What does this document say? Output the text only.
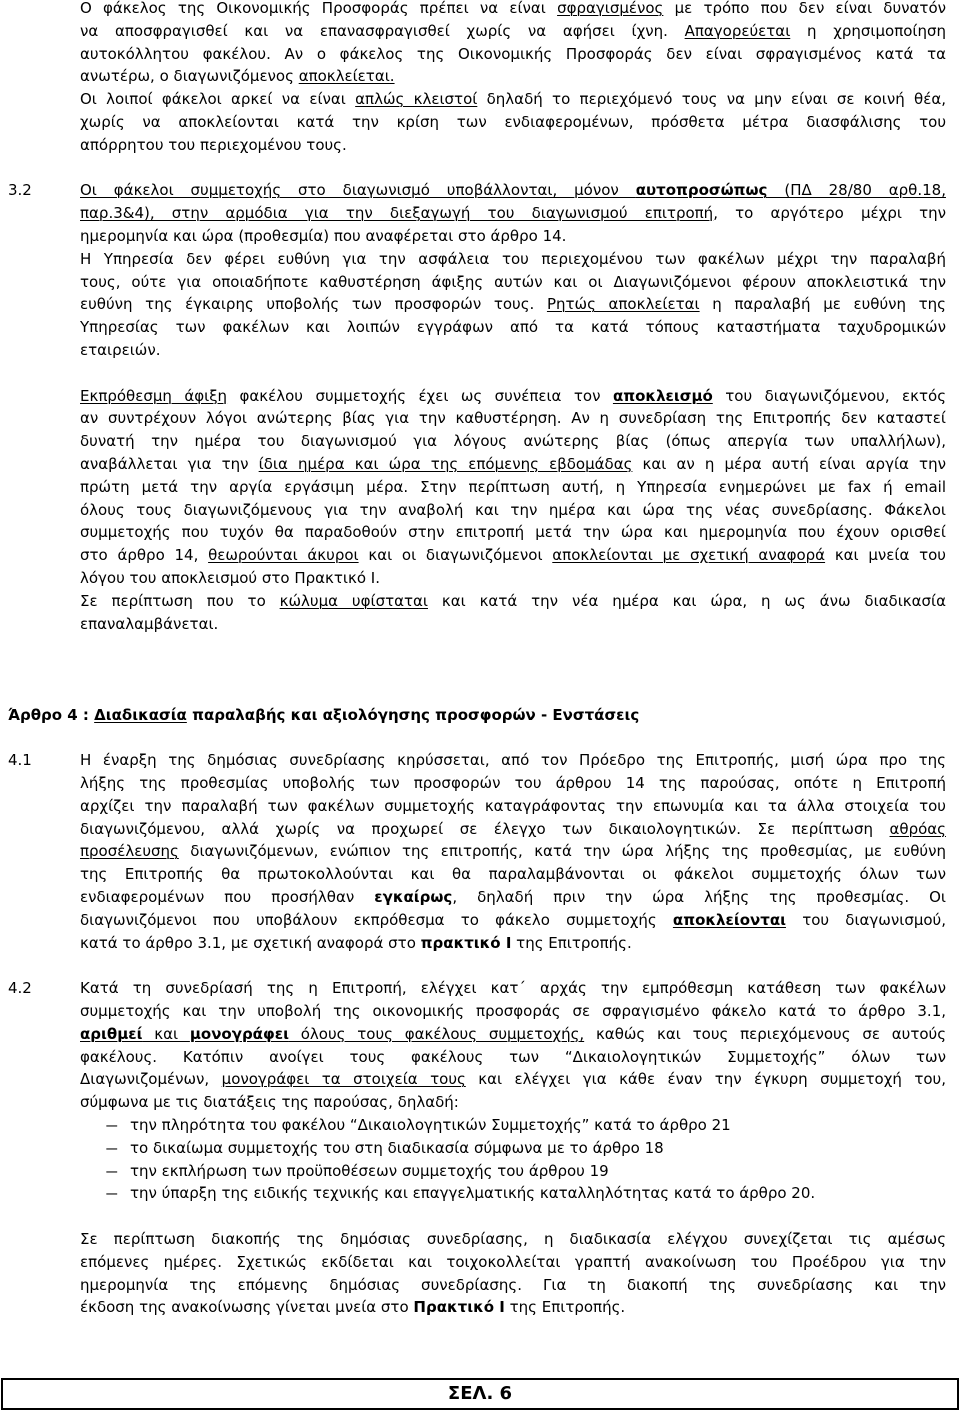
Ο φάκελος της Οικονομικής Προσφοράς πρέπει να είναι σφραγισμένος με τρόπο που δεν είναι δυνατόν
να αποσφραγισθεί και να επανασφραγισθεί χωρίς να αφήσει ίχνη. Απαγορεύεται η χρησιμοποίηση
αυτοκόλλητου φακέλου. Αν ο φάκελος της Οικονομικής Προσφοράς δεν είναι σφραγισμένος κατά τα
ανωτέρω, ο διαγωνιζόμενος αποκλείεται.
Οι λοιποί φάκελοι αρκεί να είναι απλώς κλειστοί δηλαδή το περιεχόμενό τους να μην είναι σε κοινή θέα,
χωρίς να αποκλείονται κατά την κρίση των ενδιαφερομένων, πρόσθετα μέτρα διασφάλισης του
απόρρητου του περιεχομένου τους.
3.2	Οι φάκελοι συμμετοχής στο διαγωνισμό υποβάλλονται, μόνον αυτοπροσώπως (ΠΔ 28/80 αρθ.18,
παρ.3&4), στην αρμόδια για την διεξαγωγή του διαγωνισμού επιτροπή, το αργότερο μέχρι την
ημερομηνία και ώρα (προθεσμία) που αναφέρεται στο άρθρο 14.
Η Υπηρεσία δεν φέρει ευθύνη για την ασφάλεια του περιεχομένου των φακέλων μέχρι την παραλαβή
τους, ούτε για οποιαδήποτε καθυστέρηση άφιξης αυτών και οι Διαγωνιζόμενοι φέρουν αποκλειστικά την
ευθύνη της έγκαιρης υποβολής των προσφορών τους. Ρητώς αποκλείεται η παραλαβή με ευθύνη της
Υπηρεσίας των φακέλων και λοιπών εγγράφων από τα κατά τόπους καταστήματα ταχυδρομικών
εταιρειών.
Εκπρόθεσμη άφιξη φακέλου συμμετοχής έχει ως συνέπεια τον αποκλεισμό του διαγωνιζόμενου, εκτός
αν συντρέχουν λόγοι ανώτερης βίας για την καθυστέρηση. Αν η συνεδρίαση της Επιτροπής δεν καταστεί
δυνατή την ημέρα του διαγωνισμού για λόγους ανώτερης βίας (όπως απεργία των υπαλλήλων),
αναβάλλεται για την ίδια ημέρα και ώρα της επόμενης εβδομάδας και αν η μέρα αυτή είναι αργία την
πρώτη μετά την αργία εργάσιμη μέρα. Στην περίπτωση αυτή, η Υπηρεσία ενημερώνει με fax ή email
όλους τους διαγωνιζόμενους για την αναβολή και την ημέρα και ώρα της νέας συνεδρίασης. Φάκελοι
συμμετοχής που τυχόν θα παραδοθούν στην επιτροπή μετά την ώρα και ημερομηνία που έχουν ορισθεί
στο άρθρο 14, θεωρούνται άκυροι και οι διαγωνιζόμενοι αποκλείονται με σχετική αναφορά και μνεία του
λόγου του αποκλεισμού στο Πρακτικό Ι.
Σε περίπτωση που το κώλυμα υφίσταται και κατά την νέα ημέρα και ώρα, η ως άνω διαδικασία
επαναλαμβάνεται.
Άρθρο 4 : Διαδικασία παραλαβής και αξιολόγησης προσφορών - Ενστάσεις
4.1	Η έναρξη της δημόσιας συνεδρίασης κηρύσσεται, από τον Πρόεδρο της Επιτροπής, μισή ώρα προ της
λήξης της προθεσμίας υποβολής των προσφορών του άρθρου 14 της παρούσας, οπότε η Επιτροπή
αρχίζει την παραλαβή των φακέλων συμμετοχής καταγράφοντας την επωνυμία και τα άλλα στοιχεία του
διαγωνιζόμενου, αλλά χωρίς να προχωρεί σε έλεγχο των δικαιολογητικών. Σε περίπτωση αθρόας
προσέλευσης διαγωνιζόμενων, ενώπιον της επιτροπής, κατά την ώρα λήξης της προθεσμίας, με ευθύνη
της Επιτροπής θα πρωτοκολλούνται και θα παραλαμβάνονται οι φάκελοι συμμετοχής όλων των
ενδιαφερομένων που προσήλθαν εγκαίρως, δηλαδή πριν την ώρα λήξης της προθεσμίας. Οι
διαγωνιζόμενοι που υποβάλουν εκπρόθεσμα το φάκελο συμμετοχής αποκλείονται του διαγωνισμού,
κατά το άρθρο 3.1, με σχετική αναφορά στο πρακτικό Ι της Επιτροπής.
4.2	Κατά τη συνεδρίασή της η Επιτροπή, ελέγχει κατ΄ αρχάς την εμπρόθεσμη κατάθεση των φακέλων
συμμετοχής και την υποβολή της οικονομικής προσφοράς σε σφραγισμένο φάκελο κατά το άρθρο 3.1,
αριθμεί και μονογράφει όλους τους φακέλους συμμετοχής, καθώς και τους περιεχόμενους σε αυτούς
φακέλους. Κατόπιν ανοίγει τους φακέλους των “Δικαιολογητικών Συμμετοχής” όλων των
Διαγωνιζομένων, μονογράφει τα στοιχεία τους και ελέγχει για κάθε έναν την έγκυρη συμμετοχή του,
σύμφωνα με τις διατάξεις της παρούσας, δηλαδή:
– την πληρότητα του φακέλου “Δικαιολογητικών Συμμετοχής” κατά το άρθρο 21
– το δικαίωμα συμμετοχής του στη διαδικασία σύμφωνα με το άρθρο 18
– την εκπλήρωση των προϋποθέσεων συμμετοχής του άρθρου 19
– την ύπαρξη της ειδικής τεχνικής και επαγγελματικής καταλληλότητας κατά το άρθρο 20.
Σε περίπτωση διακοπής της δημόσιας συνεδρίασης, η διαδικασία ελέγχου συνεχίζεται τις αμέσως
επόμενες ημέρες. Σχετικώς εκδίδεται και τοιχοκολλείται γραπτή ανακοίνωση του Προέδρου για την
ημερομηνία της επόμενης δημόσιας συνεδρίασης. Για τη διακοπή της συνεδρίασης και την
έκδοση της ανακοίνωσης γίνεται μνεία στο Πρακτικό Ι της Επιτροπής.
ΣΕΛ. 6
